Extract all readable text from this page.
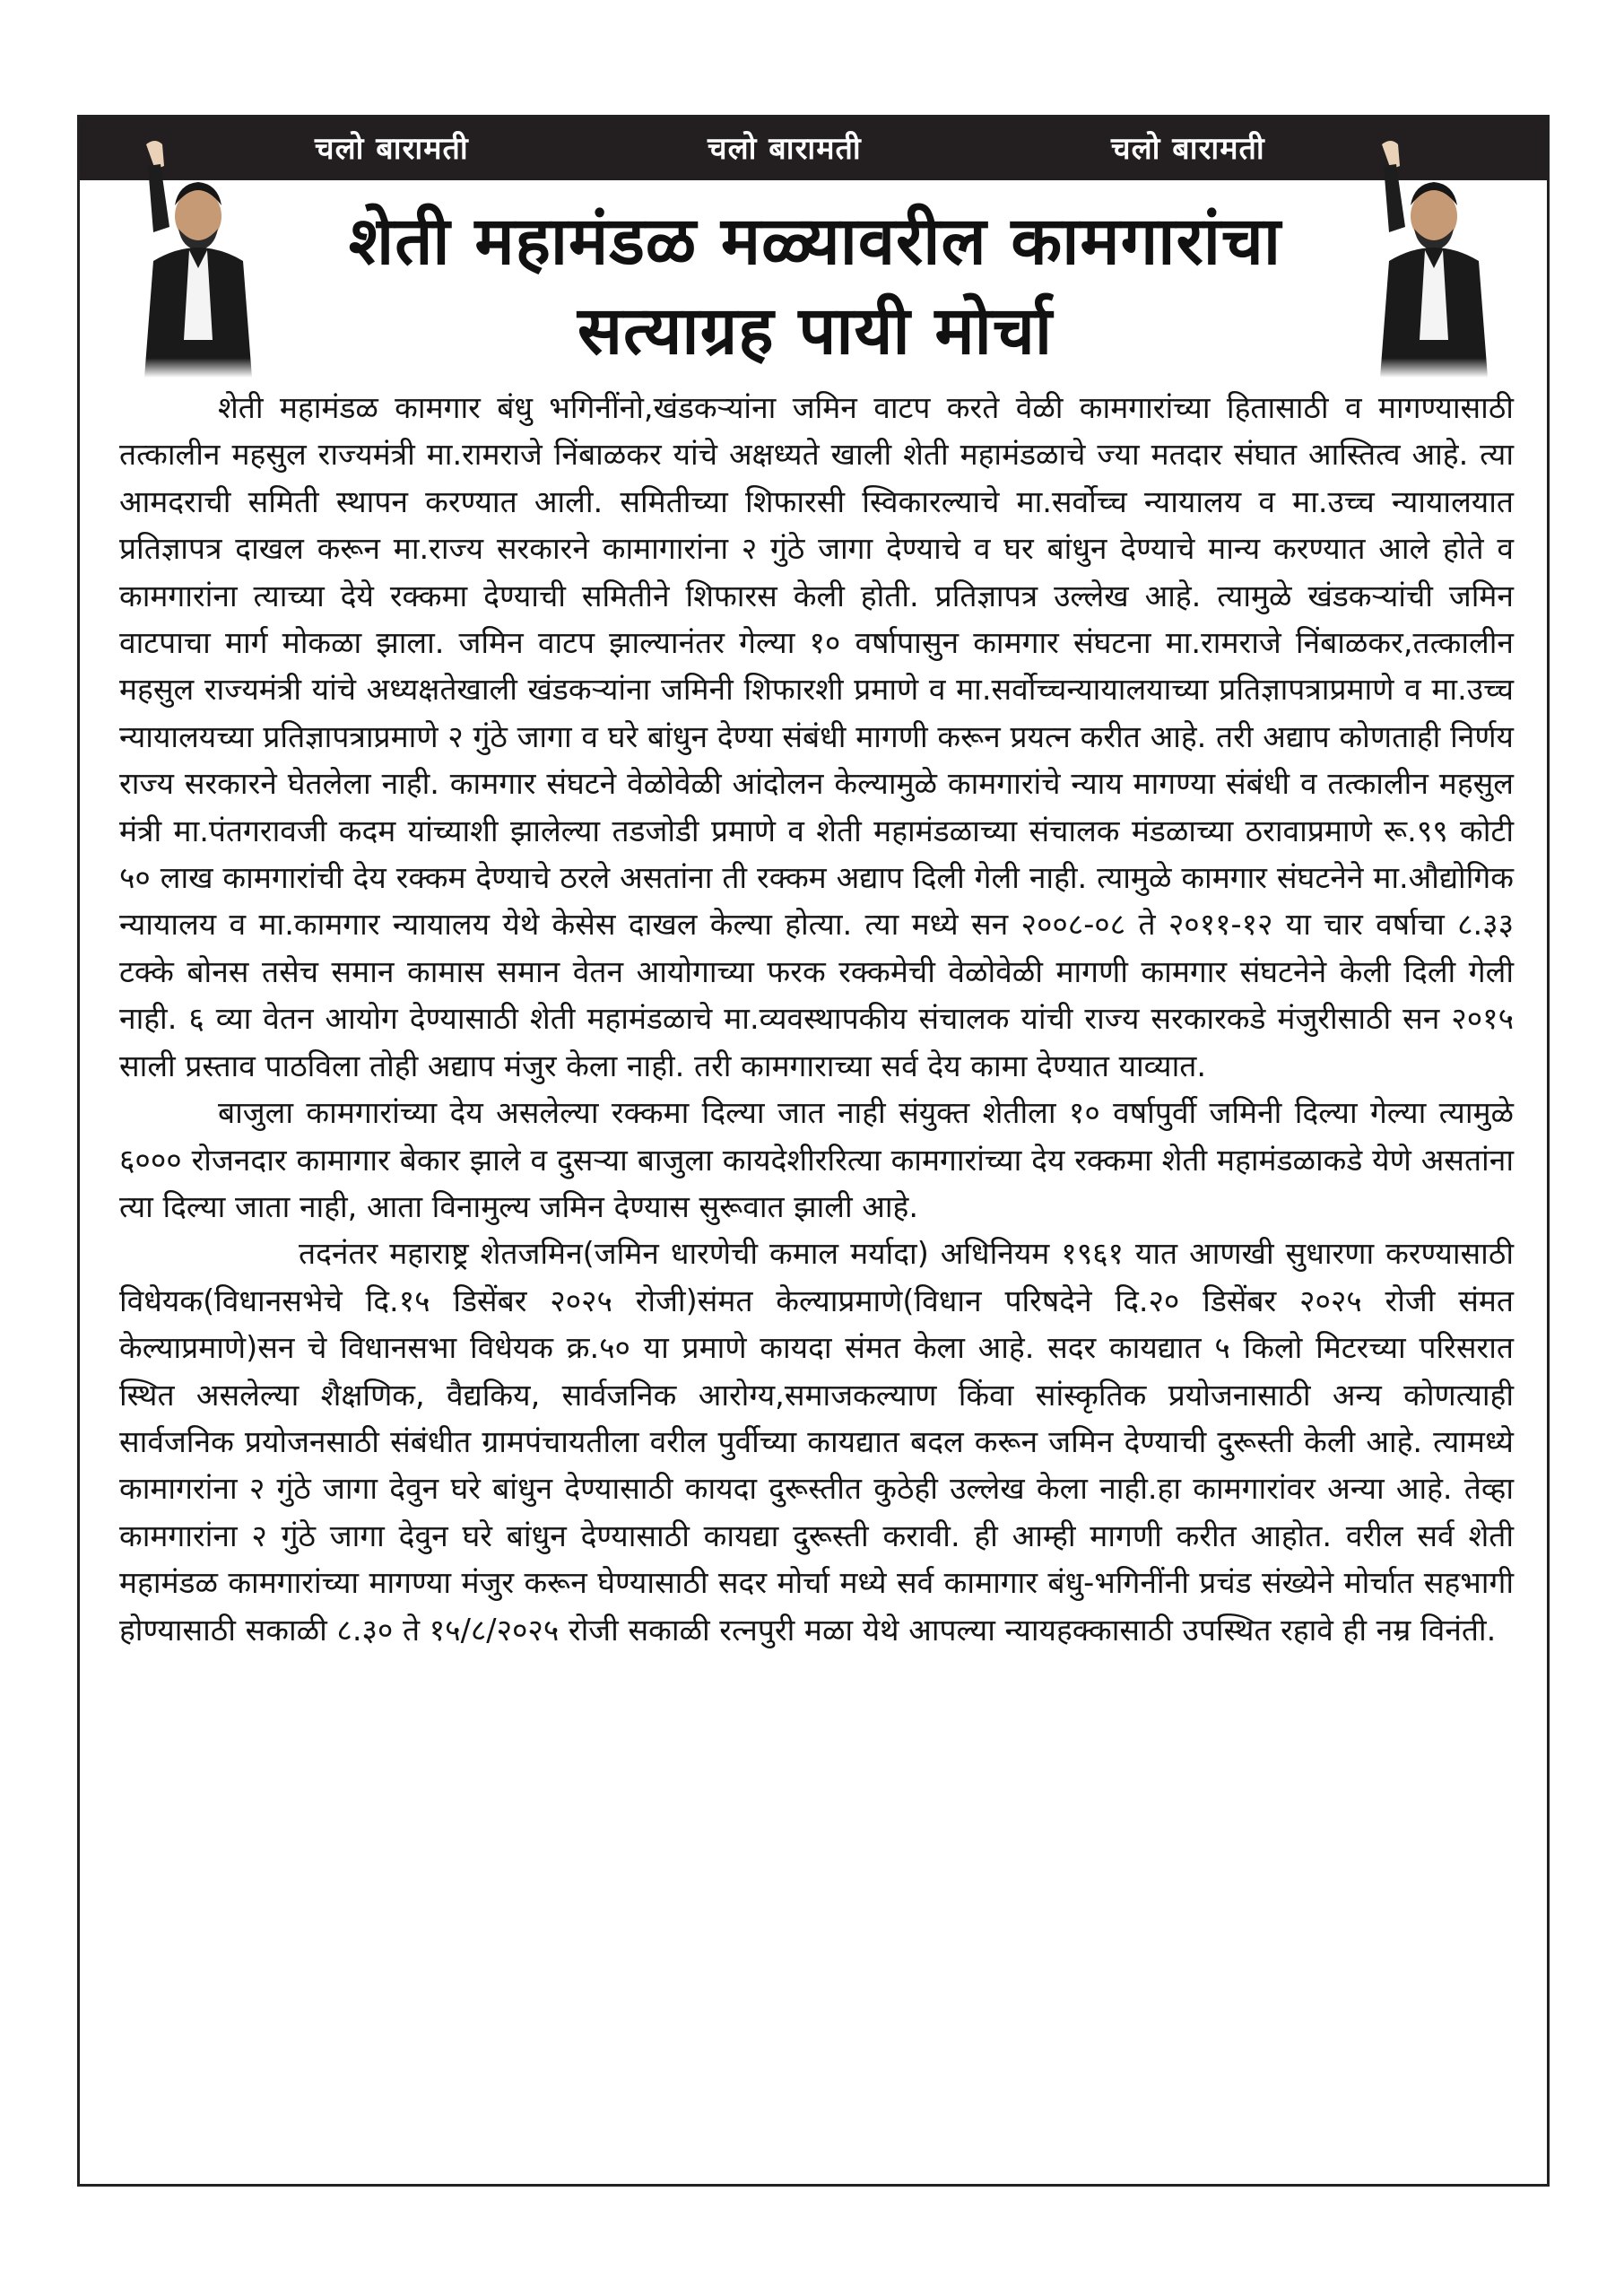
चलो बारामती	चलो बारामती	चलो बारामती
शेती महामंडळ मळ्यावरील कामगारांचा
सत्याग्रह पायी मोर्चा

शेती महामंडळ कामगार बंधु भगिनींनो,खंडकऱ्यांना जमिन वाटप करते वेळी कामगारांच्या हितासाठी व मागण्यासाठी तत्कालीन महसुल राज्यमंत्री मा.रामराजे निंबाळकर यांचे अक्षध्यते खाली शेती महामंडळाचे ज्या मतदार संघात आस्तित्व आहे. त्या आमदराची समिती स्थापन करण्यात आली. समितीच्या शिफारसी स्विकारल्याचे मा.सर्वोच्च न्यायालय व मा.उच्च न्यायालयात प्रतिज्ञापत्र दाखल करून मा.राज्य सरकारने कामागारांना २ गुंठे जागा देण्याचे व घर बांधुन देण्याचे मान्य करण्यात आले होते व कामगारांना त्याच्या देये रक्कमा देण्याची समितीने शिफारस केली होती. प्रतिज्ञापत्र उल्लेख आहे. त्यामुळे खंडकऱ्यांची जमिन वाटपाचा मार्ग मोकळा झाला. जमिन वाटप झाल्यानंतर गेल्या १० वर्षापासुन कामगार संघटना मा.रामराजे निंबाळकर,तत्कालीन महसुल राज्यमंत्री यांचे अध्यक्षतेखाली खंडकऱ्यांना जमिनी शिफारशी प्रमाणे व मा.सर्वोच्चन्यायालयाच्या प्रतिज्ञापत्राप्रमाणे व मा.उच्च न्यायालयच्या प्रतिज्ञापत्राप्रमाणे २ गुंठे जागा व घरे बांधुन देण्या संबंधी मागणी करून प्रयत्न करीत आहे. तरी अद्याप कोणताही निर्णय राज्य सरकारने घेतलेला नाही. कामगार संघटने वेळोवेळी आंदोलन केल्यामुळे कामगारांचे न्याय मागण्या संबंधी व तत्कालीन महसुल मंत्री मा.पंतगरावजी कदम यांच्याशी झालेल्या तडजोडी प्रमाणे व शेती महामंडळाच्या संचालक मंडळाच्या ठरावाप्रमाणे रू.९९ कोटी ५० लाख कामगारांची देय रक्कम देण्याचे ठरले असतांना ती रक्कम अद्याप दिली गेली नाही. त्यामुळे कामगार संघटनेने मा.औद्योगिक न्यायालय व मा.कामगार न्यायालय येथे केसेस दाखल केल्या होत्या. त्या मध्ये सन २००८-०८ ते २०११-१२ या चार वर्षाचा ८.३३ टक्के बोनस तसेच समान कामास समान वेतन आयोगाच्या फरक रक्कमेची वेळोवेळी मागणी कामगार संघटनेने केली दिली गेली नाही. ६ व्या वेतन आयोग देण्यासाठी शेती महामंडळाचे मा.व्यवस्थापकीय संचालक यांची राज्य सरकारकडे मंजुरीसाठी सन २०१५ साली प्रस्ताव पाठविला तोही अद्याप मंजुर केला नाही. तरी कामगाराच्या सर्व देय कामा देण्यात याव्यात.

बाजुला कामगारांच्या देय असलेल्या रक्कमा दिल्या जात नाही संयुक्त शेतीला १० वर्षापुर्वी जमिनी दिल्या गेल्या त्यामुळे ६००० रोजनदार कामागार बेकार झाले व दुसऱ्या बाजुला कायदेशीररित्या कामगारांच्या देय रक्कमा शेती महामंडळाकडे येणे असतांना त्या दिल्या जाता नाही, आता विनामुल्य जमिन देण्यास सुरूवात झाली आहे.

तदनंतर महाराष्ट्र शेतजमिन(जमिन धारणेची कमाल मर्यादा) अधिनियम १९६१ यात आणखी सुधारणा करण्यासाठी विधेयक(विधानसभेचे दि.१५ डिसेंबर २०२५ रोजी)संमत केल्याप्रमाणे(विधान परिषदेने दि.२० डिसेंबर २०२५ रोजी संमत केल्याप्रमाणे)सन चे विधानसभा विधेयक क्र.५० या प्रमाणे कायदा संमत केला आहे. सदर कायद्यात ५ किलो मिटरच्या परिसरात स्थित असलेल्या शैक्षणिक, वैद्यकिय, सार्वजनिक आरोग्य,समाजकल्याण किंवा सांस्कृतिक प्रयोजनासाठी अन्य कोणत्याही सार्वजनिक प्रयोजनसाठी संबंधीत ग्रामपंचायतीला वरील पुर्वीच्या कायद्यात बदल करून जमिन देण्याची दुरूस्ती केली आहे. त्यामध्ये कामागरांना २ गुंठे जागा देवुन घरे बांधुन देण्यासाठी कायदा दुरूस्तीत कुठेही उल्लेख केला नाही.हा कामगारांवर अन्या आहे. तेव्हा कामगारांना २ गुंठे जागा देवुन घरे बांधुन देण्यासाठी कायद्या दुरूस्ती करावी. ही आम्ही मागणी करीत आहोत. वरील सर्व शेती महामंडळ कामगारांच्या मागण्या मंजुर करून घेण्यासाठी सदर मोर्चा मध्ये सर्व कामागार बंधु-भगिनींनी प्रचंड संख्येने मोर्चात सहभागी होण्यासाठी सकाळी ८.३० ते १५/८/२०२५ रोजी सकाळी रत्नपुरी मळा येथे आपल्या न्यायहक्कासाठी उपस्थित रहावे ही नम्र विनंती.
